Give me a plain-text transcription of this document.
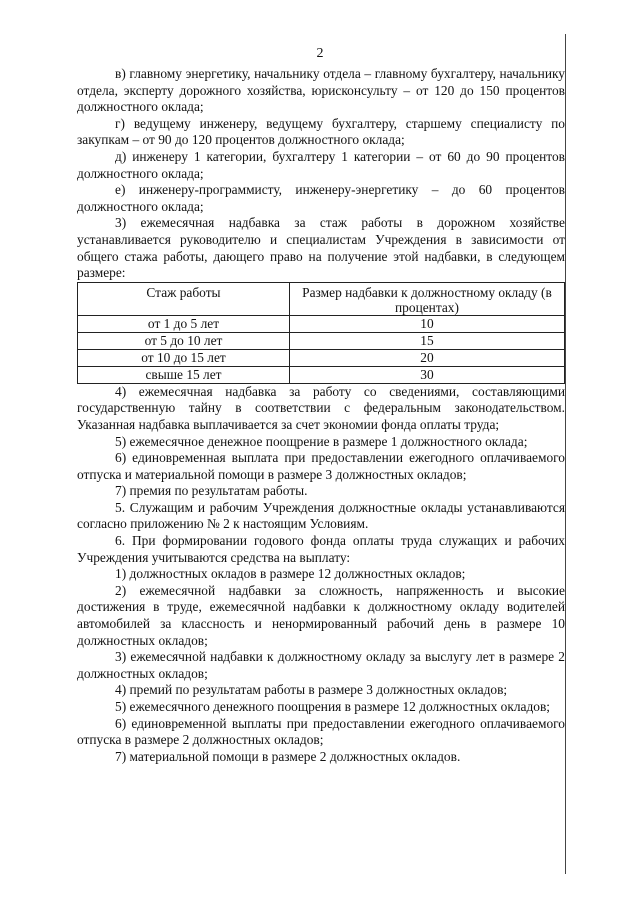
2

в) главному энергетику, начальнику отдела – главному бухгалтеру, начальнику отдела, эксперту дорожного хозяйства, юрисконсульту – от 120 до 150 процентов должностного оклада;

г) ведущему инженеру, ведущему бухгалтеру, старшему специалисту по закупкам – от 90 до 120 процентов должностного оклада;

д) инженеру 1 категории, бухгалтеру 1 категории – от 60 до 90 процентов должностного оклада;

е) инженеру-программисту, инженеру-энергетику – до 60 процентов должностного оклада;

3) ежемесячная надбавка за стаж работы в дорожном хозяйстве устанавливается руководителю и специалистам Учреждения в зависимости от общего стажа работы, дающего право на получение этой надбавки, в следующем размере:

Стаж работы	Размер надбавки к должностному окладу (в процентах)
от 1 до 5 лет	10
от 5 до 10 лет	15
от 10 до 15 лет	20
свыше 15 лет	30

4) ежемесячная надбавка за работу со сведениями, составляющими государственную тайну в соответствии с федеральным законодательством. Указанная надбавка выплачивается за счет экономии фонда оплаты труда;

5) ежемесячное денежное поощрение в размере 1 должностного оклада;

6) единовременная выплата при предоставлении ежегодного оплачиваемого отпуска и материальной помощи в размере 3 должностных окладов;

7) премия по результатам работы.

5. Служащим и рабочим Учреждения должностные оклады устанавливаются согласно приложению № 2 к настоящим Условиям.

6. При формировании годового фонда оплаты труда служащих и рабочих Учреждения учитываются средства на выплату:

1) должностных окладов в размере 12 должностных окладов;

2) ежемесячной надбавки за сложность, напряженность и высокие достижения в труде, ежемесячной надбавки к должностному окладу водителей автомобилей за классность и ненормированный рабочий день в размере 10 должностных окладов;

3) ежемесячной надбавки к должностному окладу за выслугу лет в размере 2 должностных окладов;

4) премий по результатам работы в размере 3 должностных окладов;

5) ежемесячного денежного поощрения в размере 12 должностных окладов;

6) единовременной выплаты при предоставлении ежегодного оплачиваемого отпуска в размере 2 должностных окладов;

7) материальной помощи в размере 2 должностных окладов.
